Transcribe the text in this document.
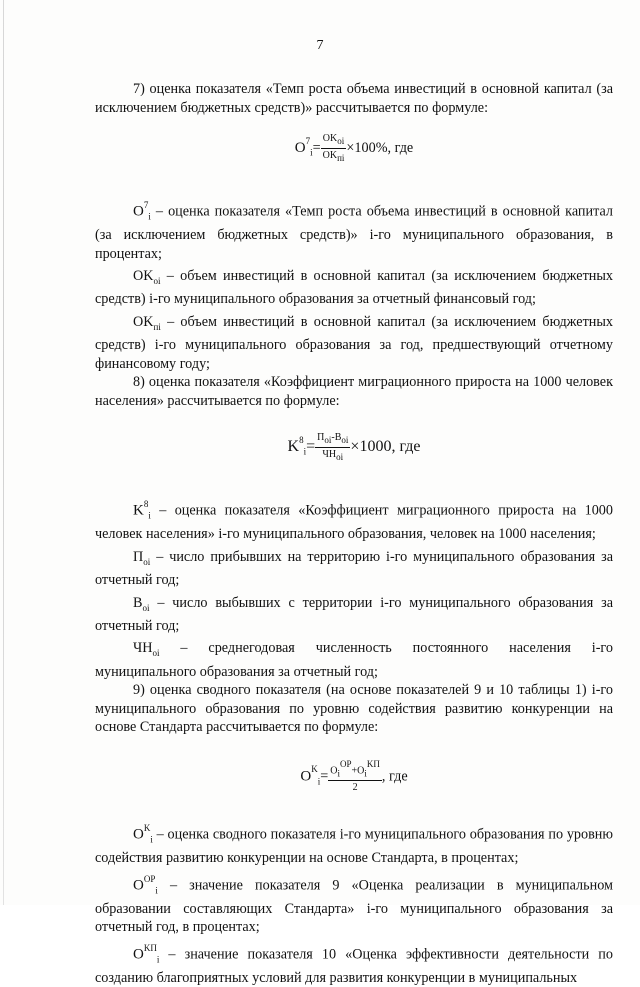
7

7) оценка показателя «Темп роста объема инвестиций в основной капитал (за исключением бюджетных средств)» рассчитывается по формуле:

$O^7_i= \frac{\text{OKoi}}{\text{OKпi}} \times 100\%$, где

$O^7_i$ – оценка показателя «Темп роста объема инвестиций в основной капитал (за исключением бюджетных средств)» i-го муниципального образования, в процентах;

$OK_{oi}$ – объем инвестиций в основной капитал (за исключением бюджетных средств) i-го муниципального образования за отчетный финансовый год;

$OK_{пi}$ – объем инвестиций в основной капитал (за исключением бюджетных средств) i-го муниципального образования за год, предшествующий отчетному финансовому году;

8) оценка показателя «Коэффициент миграционного прироста на 1000 человек населения» рассчитывается по формуле:

$K^8_i= \frac{\text{Пoi-Boi}}{\text{ЧНoi}} \times 1000$, где

$K^8_i$ – оценка показателя «Коэффициент миграционного прироста на 1000 человек населения» i-го муниципального образования, человек на 1000 населения;

$П_{oi}$ – число прибывших на территорию i-го муниципального образования за отчетный год;

$B_{oi}$ – число выбывших с территории i-го муниципального образования за отчетный год;

$ЧН_{oi}$ – среднегодовая численность постоянного населения i-го муниципального образования за отчетный год;

9) оценка сводного показателя (на основе показателей 9 и 10 таблицы 1) i-го муниципального образования по уровню содействия развитию конкуренции на основе Стандарта рассчитывается по формуле:

$O^K_i= \frac{\text{OiOP+OiKП}}{2}$ , где

$O^K_i$ – оценка сводного показателя i-го муниципального образования по уровню содействия развитию конкуренции на основе Стандарта, в процентах;

$O^{OP}_i$ – значение показателя 9 «Оценка реализации в муниципальном образовании составляющих Стандарта» i-го муниципального образования за отчетный год, в процентах;

$O^{KП}_i$ – значение показателя 10 «Оценка эффективности деятельности по созданию благоприятных условий для развития конкуренции в муниципальных
